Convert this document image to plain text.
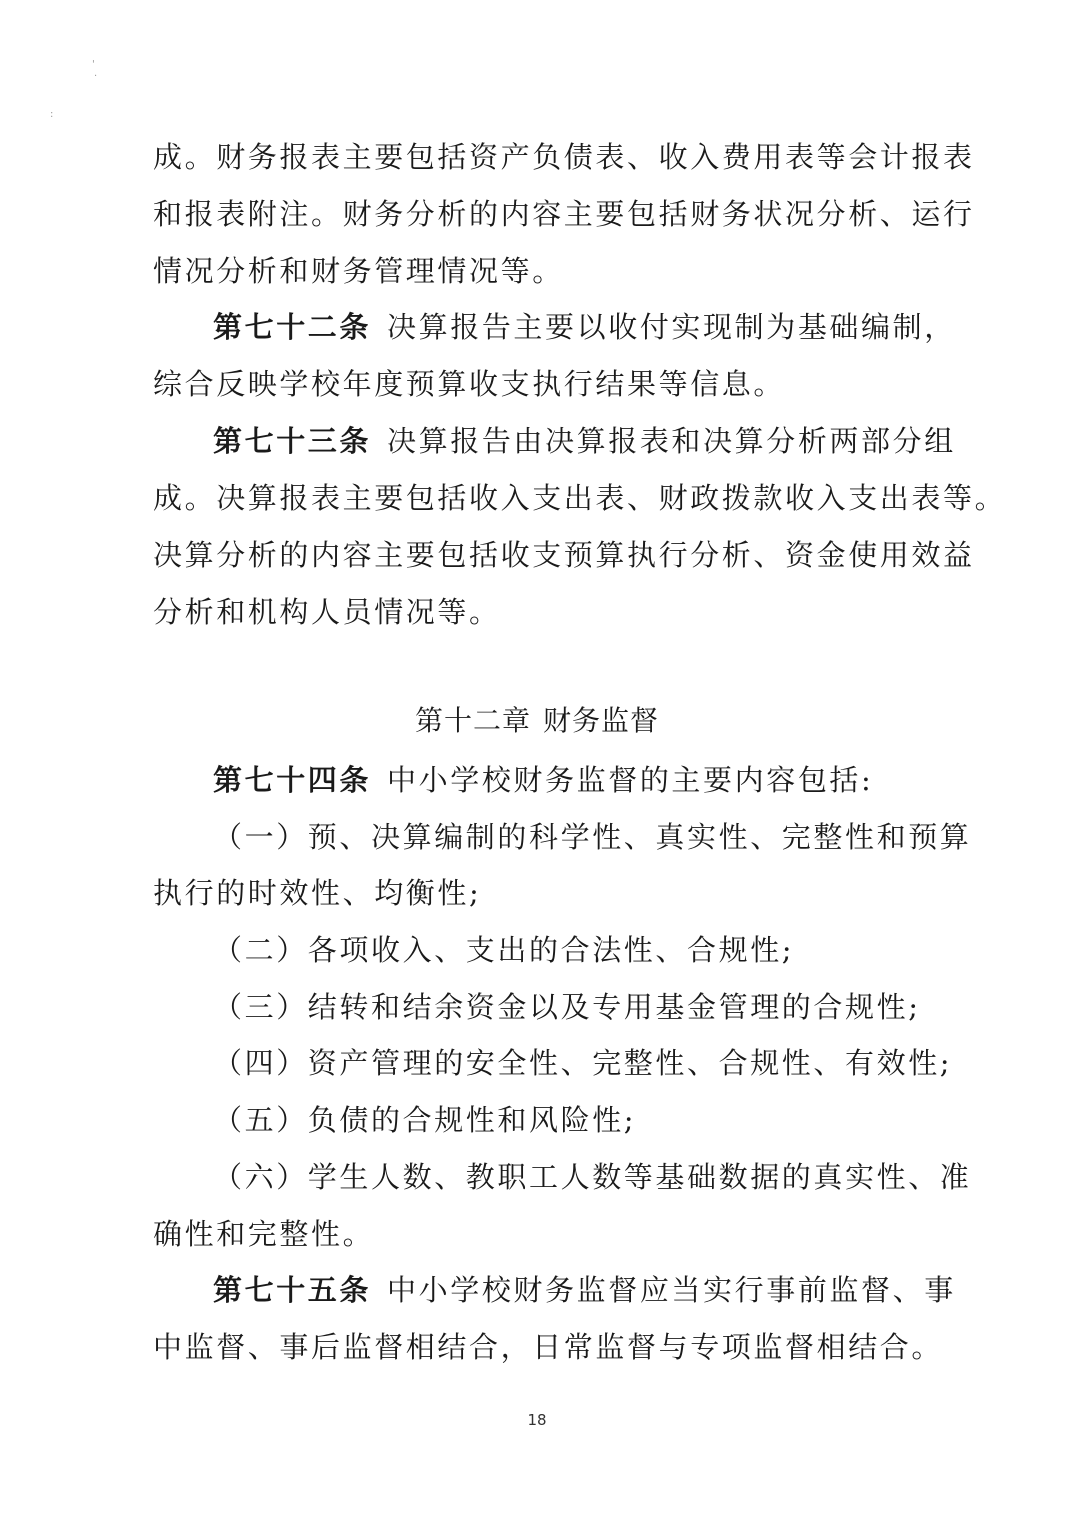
'
·
:
成。财务报表主要包括资产负债表、收入费用表等会计报表
和报表附注。财务分析的内容主要包括财务状况分析、运行
情况分析和财务管理情况等。
第七十二条 决算报告主要以收付实现制为基础编制，
综合反映学校年度预算收支执行结果等信息。
第七十三条 决算报告由决算报表和决算分析两部分组
成。决算报表主要包括收入支出表、财政拨款收入支出表等。
决算分析的内容主要包括收支预算执行分析、资金使用效益
分析和机构人员情况等。
第十二章 财务监督
第七十四条 中小学校财务监督的主要内容包括:
（一）预、决算编制的科学性、真实性、完整性和预算
执行的时效性、均衡性;
（二）各项收入、支出的合法性、合规性;
（三）结转和结余资金以及专用基金管理的合规性;
（四）资产管理的安全性、完整性、合规性、有效性;
（五）负债的合规性和风险性;
（六）学生人数、教职工人数等基础数据的真实性、准
确性和完整性。
第七十五条 中小学校财务监督应当实行事前监督、事
中监督、事后监督相结合，日常监督与专项监督相结合。
18
